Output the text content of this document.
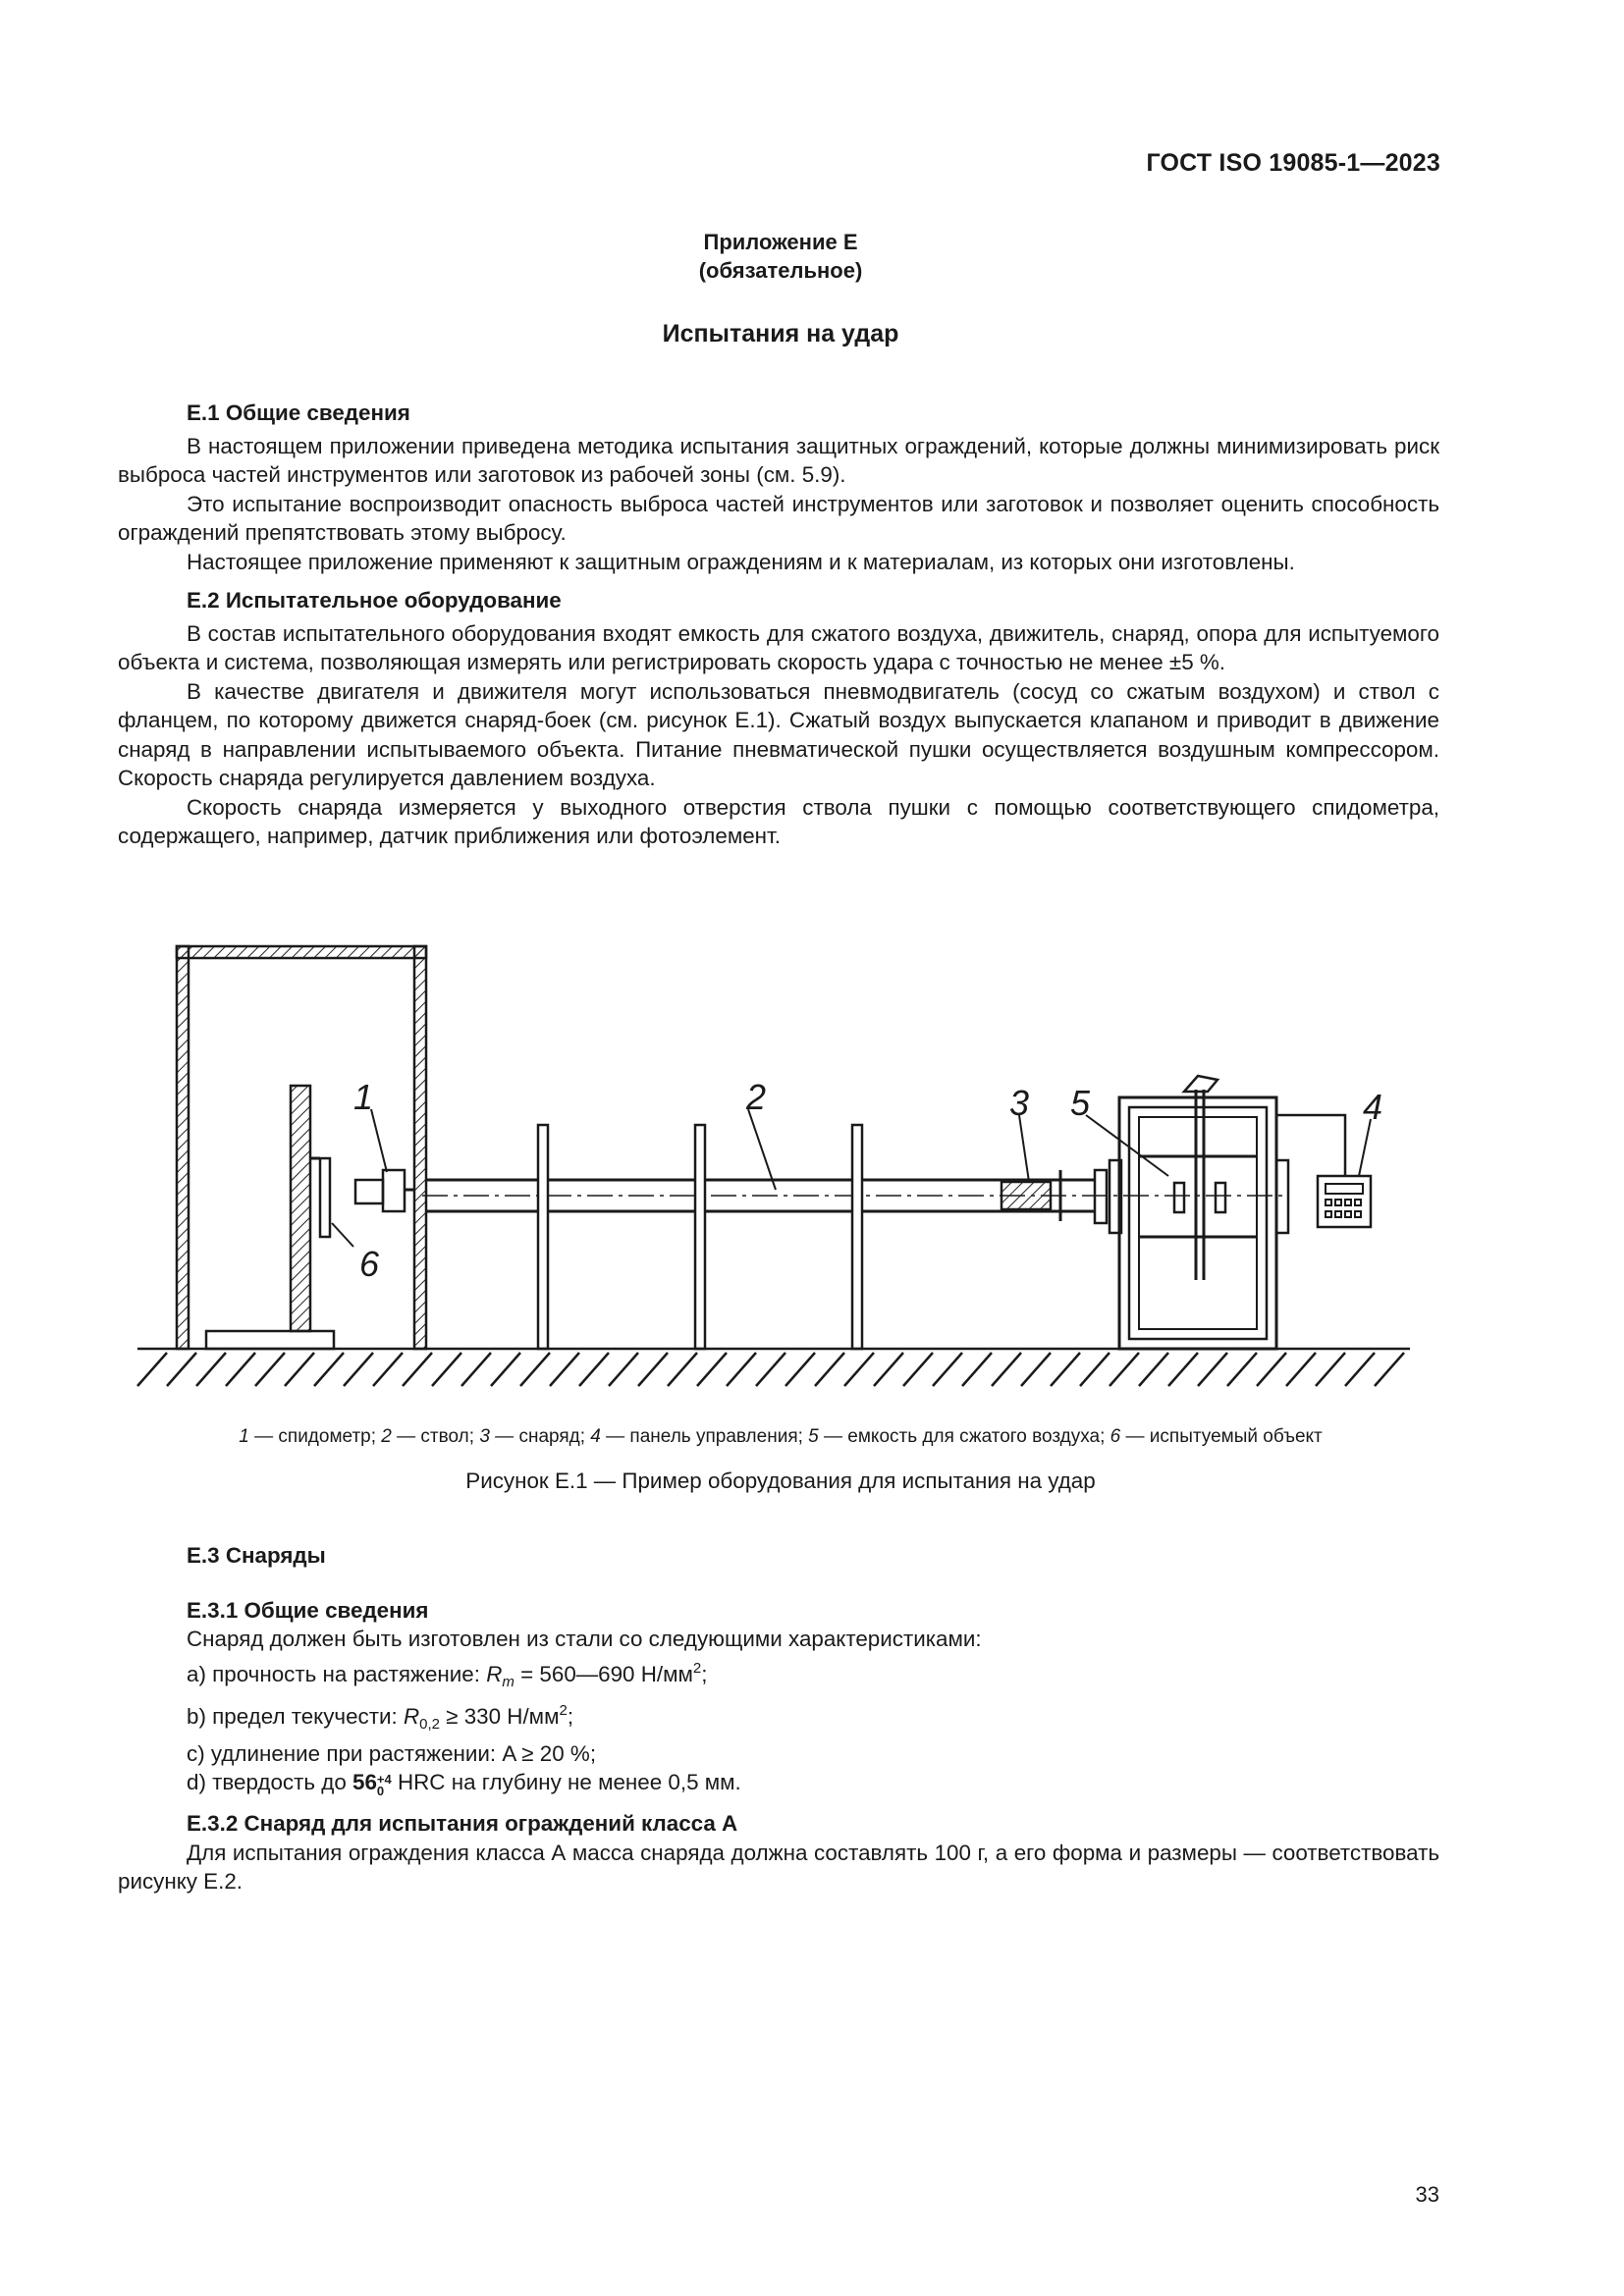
ГОСТ ISO 19085-1—2023
Приложение Е
(обязательное)
Испытания на удар
Е.1 Общие сведения

В настоящем приложении приведена методика испытания защитных ограждений, которые должны минимизировать риск выброса частей инструментов или заготовок из рабочей зоны (см. 5.9).

Это испытание воспроизводит опасность выброса частей инструментов или заготовок и позволяет оценить способность ограждений препятствовать этому выбросу.

Настоящее приложение применяют к защитным ограждениям и к материалам, из которых они изготовлены.

Е.2 Испытательное оборудование

В состав испытательного оборудования входят емкость для сжатого воздуха, движитель, снаряд, опора для испытуемого объекта и система, позволяющая измерять или регистрировать скорость удара с точностью не менее ±5 %.

В качестве двигателя и движителя могут использоваться пневмодвигатель (сосуд со сжатым воздухом) и ствол с фланцем, по которому движется снаряд-боек (см. рисунок Е.1). Сжатый воздух выпускается клапаном и приводит в движение снаряд в направлении испытываемого объекта. Питание пневматической пушки осуществляется воздушным компрессором. Скорость снаряда регулируется давлением воздуха.

Скорость снаряда измеряется у выходного отверстия ствола пушки с помощью соответствующего спидометра, содержащего, например, датчик приближения или фотоэлемент.

1	2	3 5	4
6
1 — спидометр; 2 — ствол; 3 — снаряд; 4 — панель управления; 5 — емкость для сжатого воздуха; 6 — испытуемый объект
Рисунок Е.1 — Пример оборудования для испытания на удар
Е.3 Снаряды
Е.3.1 Общие сведения
Снаряд должен быть изготовлен из стали со следующими характеристиками:
a) прочность на растяжение: $R_m$ = 560—690 $Н/мм^2$;
b) предел текучести: $R_{0,2} \ge 330$ $Н/мм^2$;
c) удлинение при растяжении: A ≥ 20 %;
d) твердость до 56+4
0 HRC на глубину не менее 0,5 мм.
Е.3.2 Снаряд для испытания ограждений класса А

Для испытания ограждения класса А масса снаряда должна составлять 100 г, а его форма и размеры — соответствовать рисунку Е.2.

33
